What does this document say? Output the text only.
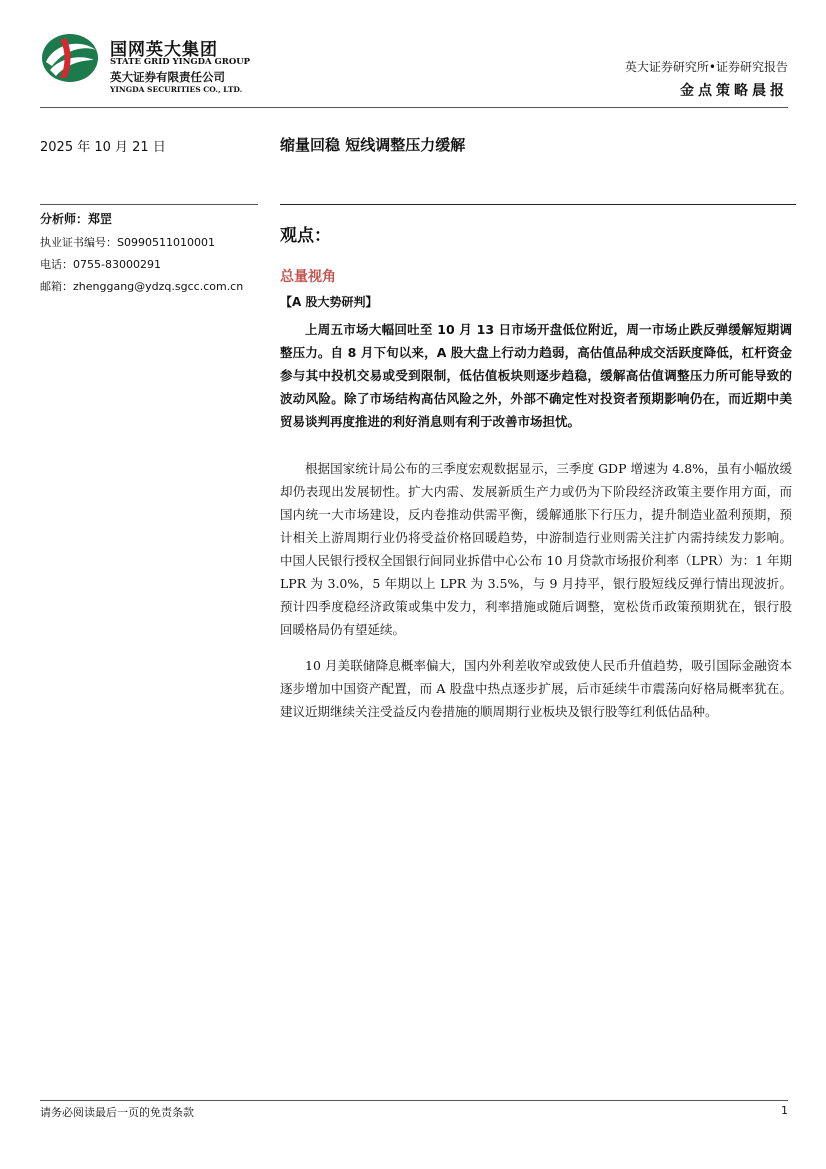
国网英大集团
STATE GRID YINGDA GROUP
英大证券有限责任公司
YINGDA SECURITIES CO., LTD.
英大证券研究所•证券研究报告
金点策略晨报
2025 年 10 月 21 日	缩量回稳 短线调整压力缓解
分析师：郑罡
执业证书编号：S0990511010001
电话：0755-83000291
邮箱：zhenggang@ydzq.sgcc.com.cn
观点：
总量视角
【A 股大势研判】

上周五市场大幅回吐至 10 月 13 日市场开盘低位附近，周一市场止跌反弹缓解短期调整压力。自 8 月下旬以来，A 股大盘上行动力趋弱，高估值品种成交活跃度降低，杠杆资金参与其中投机交易或受到限制，低估值板块则逐步趋稳，缓解高估值调整压力所可能导致的波动风险。除了市场结构高估风险之外，外部不确定性对投资者预期影响仍在，而近期中美贸易谈判再度推进的利好消息则有利于改善市场担忧。

根据国家统计局公布的三季度宏观数据显示，三季度 GDP 增速为 4.8%，虽有小幅放缓却仍表现出发展韧性。扩大内需、发展新质生产力或仍为下阶段经济政策主要作用方面，而国内统一大市场建设，反内卷推动供需平衡，缓解通胀下行压力，提升制造业盈利预期，预计相关上游周期行业仍将受益价格回暖趋势，中游制造行业则需关注扩内需持续发力影响。中国人民银行授权全国银行间同业拆借中心公布 10 月贷款市场报价利率（LPR）为：1 年期 LPR 为 3.0%，5 年期以上 LPR 为 3.5%，与 9 月持平，银行股短线反弹行情出现波折。预计四季度稳经济政策或集中发力，利率措施或随后调整，宽松货币政策预期犹在，银行股回暖格局仍有望延续。

10 月美联储降息概率偏大，国内外利差收窄或致使人民币升值趋势，吸引国际金融资本逐步增加中国资产配置，而 A 股盘中热点逐步扩展，后市延续牛市震荡向好格局概率犹在。建议近期继续关注受益反内卷措施的顺周期行业板块及银行股等红利低估品种。

请务必阅读最后一页的免责条款	1
